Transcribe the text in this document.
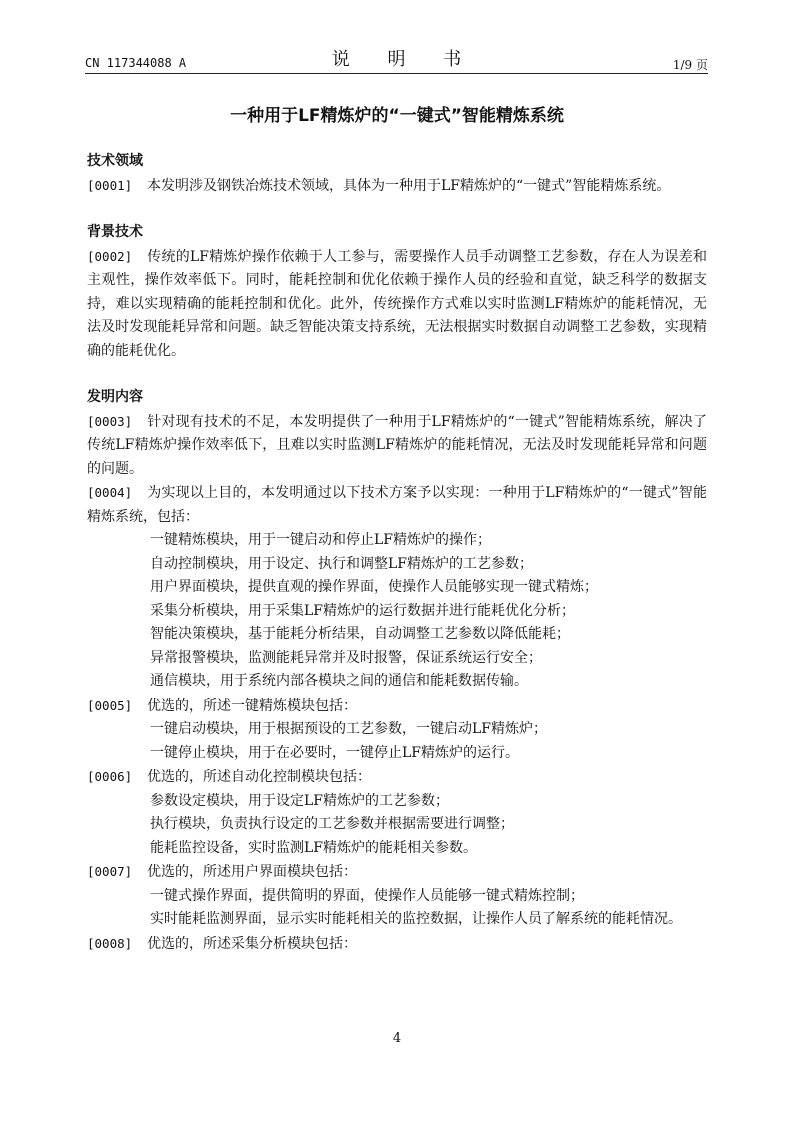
CN 117344088 A	说 明 书	1/9 页
一种用于LF精炼炉的“一键式”智能精炼系统

技术领域

[0001] 本发明涉及钢铁冶炼技术领域，具体为一种用于LF精炼炉的“一键式”智能精炼系统。

背景技术

[0002] 传统的LF精炼炉操作依赖于人工参与，需要操作人员手动调整工艺参数，存在人为误差和主观性，操作效率低下。同时，能耗控制和优化依赖于操作人员的经验和直觉，缺乏科学的数据支持，难以实现精确的能耗控制和优化。此外，传统操作方式难以实时监测LF精炼炉的能耗情况，无法及时发现能耗异常和问题。缺乏智能决策支持系统，无法根据实时数据自动调整工艺参数，实现精确的能耗优化。

发明内容

[0003] 针对现有技术的不足，本发明提供了一种用于LF精炼炉的“一键式”智能精炼系统，解决了传统LF精炼炉操作效率低下，且难以实时监测LF精炼炉的能耗情况，无法及时发现能耗异常和问题的问题。

[0004] 为实现以上目的，本发明通过以下技术方案予以实现：一种用于LF精炼炉的“一键式”智能精炼系统，包括：

一键精炼模块，用于一键启动和停止LF精炼炉的操作；

自动控制模块，用于设定、执行和调整LF精炼炉的工艺参数；

用户界面模块，提供直观的操作界面，使操作人员能够实现一键式精炼；

采集分析模块，用于采集LF精炼炉的运行数据并进行能耗优化分析；

智能决策模块，基于能耗分析结果，自动调整工艺参数以降低能耗；

异常报警模块，监测能耗异常并及时报警，保证系统运行安全；

通信模块，用于系统内部各模块之间的通信和能耗数据传输。

[0005] 优选的，所述一键精炼模块包括：

一键启动模块，用于根据预设的工艺参数，一键启动LF精炼炉；

一键停止模块，用于在必要时，一键停止LF精炼炉的运行。

[0006] 优选的，所述自动化控制模块包括：

参数设定模块，用于设定LF精炼炉的工艺参数；

执行模块，负责执行设定的工艺参数并根据需要进行调整；

能耗监控设备，实时监测LF精炼炉的能耗相关参数。

[0007] 优选的，所述用户界面模块包括：

一键式操作界面，提供简明的界面，使操作人员能够一键式精炼控制；

实时能耗监测界面，显示实时能耗相关的监控数据，让操作人员了解系统的能耗情况。

[0008] 优选的，所述采集分析模块包括：

4
